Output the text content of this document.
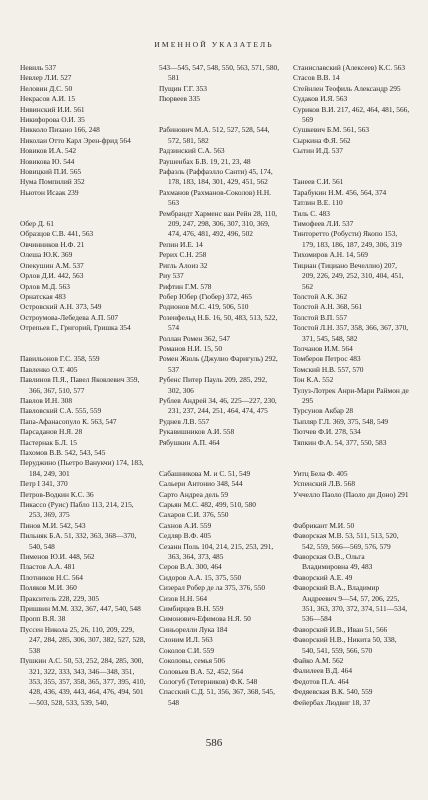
ИМЕННОЙ УКАЗАТЕЛЬ
Невиль 537
Невлер Л.И. 527
Неловин Д.С. 50
Некрасов А.И. 15
Нивинский И.И. 561
Никифорова О.И. 35
Никколо Пизано 166, 248
Николаи Отто Карл Эрен-фрид 564
Новиков И.А. 542
Новикова Ю. 544
Новицкий П.И. 565
Нума Помпилий 352
Ньютон Исаак 239
Обер Д. 61
Образцов С.В. 441, 563
Овчинников Н.Ф. 21
Олеша Ю.К. 369
Опекушин А.М. 537
Орлов Д.И. 442, 563
Орлов М.Д. 563
Орнатская 483
Островский А.Н. 373, 549
Остроумова-Лебедева А.П. 507
Отрепьев Г., Григорий, Гришка 354
Павильонов Г.С. 358, 559
Павленко О.Т. 405
Павлинов П.Я., Павел Яковлевич 359, 366, 367, 510, 577
Павлов И.Н. 308
Павловский С.А. 555, 559
Папа-Афанасопуло К. 563, 547
Парсаданов Н.Я. 28
Пастернак Б.Л. 15
Пахомов В.В. 542, 543, 545
Перуджино (Пьетро Ванукчи) 174, 183, 184, 249, 301
Петр I 341, 370
Петров-Водкин К.С. 36
Пикассо (Руис) Пабло 113, 214, 215, 253, 369, 375
Пинов М.И. 542, 543
Пильняк Б.А. 51, 332, 363, 368—370, 540, 548
Пименов Ю.И. 448, 562
Пластов А.А. 481
Плотников Н.С. 564
Поляков М.И. 360
Пракситель 228, 229, 305
Пришвин М.М. 332, 367, 447, 540, 548
Пропп В.Я. 38
Пуссен Никола 25, 26, 110, 209, 229, 247, 284, 285, 306, 307, 382, 527, 528, 538
Пушкин А.С. 50, 53, 252, 284, 285, 300, 321, 322, 333, 343, 346—348, 351, 353, 355, 357, 358, 365, 377, 395, 410, 428, 436, 439, 443, 464, 476, 494, 501—503, 528, 533, 539, 540,
543—545, 547, 548, 550, 563, 571, 580, 581
Пущин Г.Г. 353
Пюрвеев 335
Рабинович М.А. 512, 527, 528, 544, 572, 581, 582
Радзинский С.А. 563
Раушенбах Б.В. 19, 21, 23, 48
Рафаэль (Раффаэлло Санти) 45, 174, 178, 183, 184, 301, 429, 451, 562
Рахманов (Рахманов-Соколов) Н.Н. 563
Рембрандт Харменс ван Рейн 28, 110, 209, 247, 298, 306, 307, 310, 369, 474, 476, 481, 492, 496, 502
Репин И.Е. 14
Рерих С.Н. 258
Ригль Алоиз 32
Риу 537
Рифтин Г.М. 578
Робер Юбер (Гюбер) 372, 465
Родионов М.С. 419, 506, 510
Розенфельд Н.Б. 16, 50, 483, 513, 522, 574
Роллан Ромен 362, 547
Романов Н.И. 15, 50
Ромен Жюль (Джулио Фаригуль) 292, 537
Рубенс Питер Пауль 209, 285, 292, 302, 306
Рублев Андрей 34, 46, 225—227, 230, 231, 237, 244, 251, 464, 474, 475
Руднев Л.В. 557
Рукавишников А.И. 558
Рябушкин А.П. 464
Сабашникова М. и С. 51, 549
Сальери Антонио 348, 544
Сарто Андреа дель 59
Сарьян М.С. 482, 499, 510, 580
Сахаров С.И. 376, 550
Сахнов А.И. 559
Седляр В.Ф. 405
Сезанн Поль 104, 214, 215, 253, 291, 363, 364, 373, 485
Серов В.А. 300, 464
Сидоров А.А. 15, 375, 550
Сизерал Робер де ла 375, 376, 550
Сизов Н.Н. 564
Симбирцев В.Н. 559
Симонович-Ефимова Н.Я. 50
Синьорелли Лука 184
Слоним И.Л. 563
Соколов С.И. 559
Соколовы, семья 506
Соловьев В.А. 52, 452, 564
Сологуб (Тетерников) Ф.К. 548
Спасский С.Д. 51, 356, 367, 368, 545, 548
Станиславский (Алексеев) К.С. 563
Стасов В.В. 14
Стейнлен Теофиль Александр 295
Судаков И.Я. 563
Суриков В.И. 217, 462, 464, 481, 566, 569
Сушкевич Б.М. 561, 563
Сыркина Ф.Я. 562
Сытин И.Д. 537
Танеев С.И. 561
Тарабукин Н.М. 456, 564, 374
Татлин В.Е. 110
Тиль С. 483
Тимофеев Л.И. 537
Тинторетто (Робусти) Якопо 153, 179, 183, 186, 187, 249, 306, 319
Тихомиров А.Н. 14, 569
Тициан (Тициано Вечеллио) 207, 209, 226, 249, 252, 310, 404, 451, 562
Толстой А.К. 362
Толстой А.Н. 368, 561
Толстой В.П. 557
Толстой Л.Н. 357, 358, 366, 367, 370, 371, 545, 548, 582
Толчанов И.М. 564
Томберов Петрос 483
Томский Н.В. 557, 570
Тон К.А. 552
Тулуз-Лотрек Анри-Мари Раймон де 295
Турсунов Акбар 28
Тыпляр Г.Л. 369, 375, 548, 549
Тютчев Ф.И. 278, 534
Тяпкин Ф.А. 54, 377, 550, 583
Уитц Бела Ф. 405
Успенский Л.В. 568
Уччелло Паоло (Паоло ди Доно) 291
Фабрикант М.И. 50
Фаворская М.В. 53, 511, 513, 520, 542, 559, 566—569, 576, 579
Фаворская О.В., Ольга Владимировна 49, 483
Фаворский А.Е. 49
Фаворский В.А., Владимир Андреевич 9—54, 57, 206, 225, 351, 363, 370, 372, 374, 511—534, 536—584
Фаворский И.В., Иван 51, 566
Фаворский Н.В., Никита 50, 338, 540, 541, 559, 566, 570
Файко А.М. 562
Фалилеев В.Д. 464
Федотов П.А. 464
Федяевская В.К. 540, 559
Фейербах Людвиг 18, 37
586
